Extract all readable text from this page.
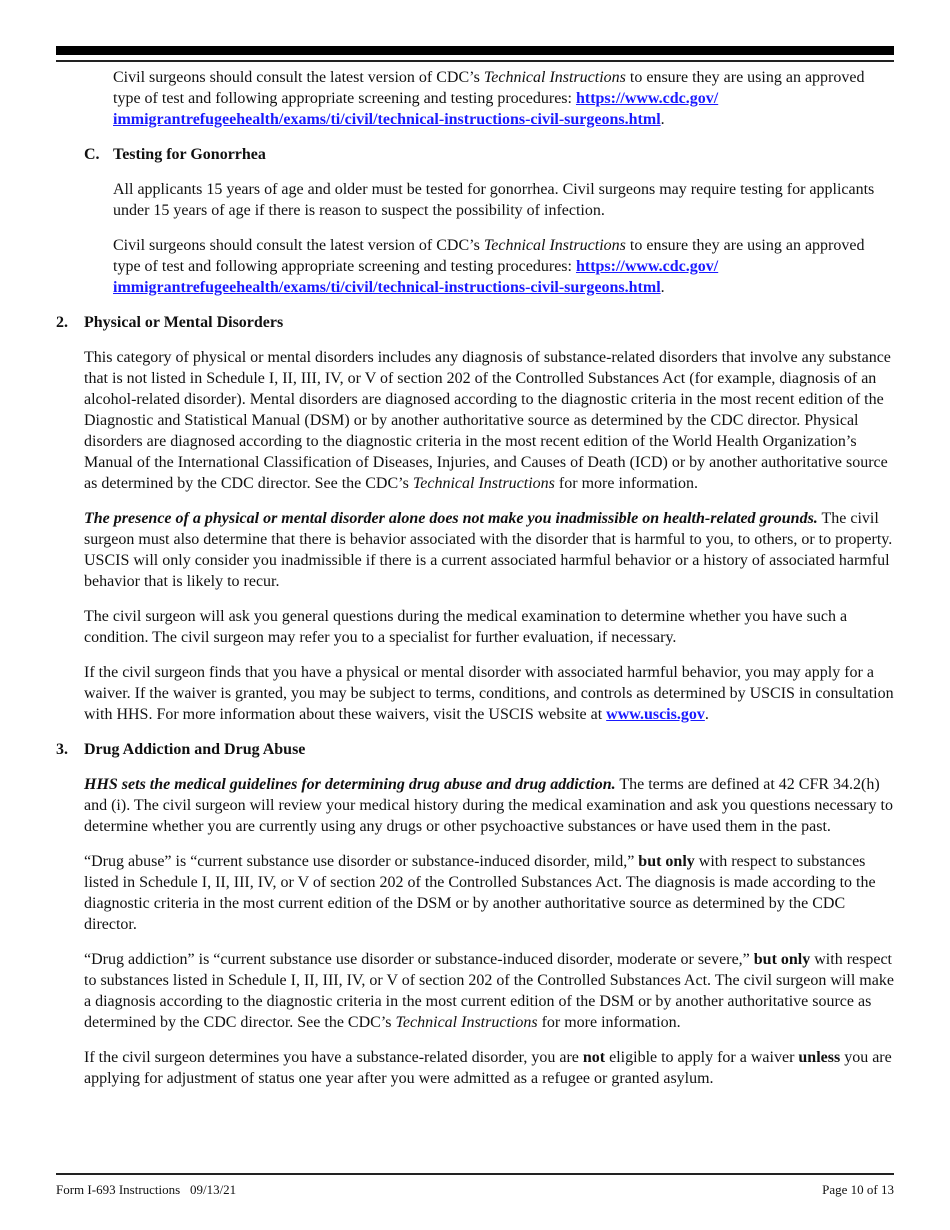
Civil surgeons should consult the latest version of CDC’s Technical Instructions to ensure they are using an approved type of test and following appropriate screening and testing procedures: https://www.cdc.gov/ immigrantrefugeehealth/exams/ti/civil/technical-instructions-civil-surgeons.html.

C. Testing for Gonorrhea

All applicants 15 years of age and older must be tested for gonorrhea. Civil surgeons may require testing for applicants under 15 years of age if there is reason to suspect the possibility of infection.

Civil surgeons should consult the latest version of CDC’s Technical Instructions to ensure they are using an approved type of test and following appropriate screening and testing procedures: https://www.cdc.gov/ immigrantrefugeehealth/exams/ti/civil/technical-instructions-civil-surgeons.html.

2. Physical or Mental Disorders

This category of physical or mental disorders includes any diagnosis of substance-related disorders that involve any substance that is not listed in Schedule I, II, III, IV, or V of section 202 of the Controlled Substances Act (for example, diagnosis of an alcohol-related disorder). Mental disorders are diagnosed according to the diagnostic criteria in the most recent edition of the Diagnostic and Statistical Manual (DSM) or by another authoritative source as determined by the CDC director. Physical disorders are diagnosed according to the diagnostic criteria in the most recent edition of the World Health Organization’s Manual of the International Classification of Diseases, Injuries, and Causes of Death (ICD) or by another authoritative source as determined by the CDC director. See the CDC’s Technical Instructions for more information.

The presence of a physical or mental disorder alone does not make you inadmissible on health-related grounds. The civil surgeon must also determine that there is behavior associated with the disorder that is harmful to you, to others, or to property. USCIS will only consider you inadmissible if there is a current associated harmful behavior or a history of associated harmful behavior that is likely to recur.

The civil surgeon will ask you general questions during the medical examination to determine whether you have such a condition. The civil surgeon may refer you to a specialist for further evaluation, if necessary.

If the civil surgeon finds that you have a physical or mental disorder with associated harmful behavior, you may apply for a waiver. If the waiver is granted, you may be subject to terms, conditions, and controls as determined by USCIS in consultation with HHS. For more information about these waivers, visit the USCIS website at www.uscis.gov.

3. Drug Addiction and Drug Abuse

HHS sets the medical guidelines for determining drug abuse and drug addiction. The terms are defined at 42 CFR 34.2(h) and (i). The civil surgeon will review your medical history during the medical examination and ask you questions necessary to determine whether you are currently using any drugs or other psychoactive substances or have used them in the past.

“Drug abuse” is “current substance use disorder or substance-induced disorder, mild,” but only with respect to substances listed in Schedule I, II, III, IV, or V of section 202 of the Controlled Substances Act. The diagnosis is made according to the diagnostic criteria in the most current edition of the DSM or by another authoritative source as determined by the CDC director.

“Drug addiction” is “current substance use disorder or substance-induced disorder, moderate or severe,” but only with respect to substances listed in Schedule I, II, III, IV, or V of section 202 of the Controlled Substances Act. The civil surgeon will make a diagnosis according to the diagnostic criteria in the most current edition of the DSM or by another authoritative source as determined by the CDC director. See the CDC’s Technical Instructions for more information.

If the civil surgeon determines you have a substance-related disorder, you are not eligible to apply for a waiver unless you are applying for adjustment of status one year after you were admitted as a refugee or granted asylum.

Form I-693 Instructions   09/13/21	Page 10 of 13
